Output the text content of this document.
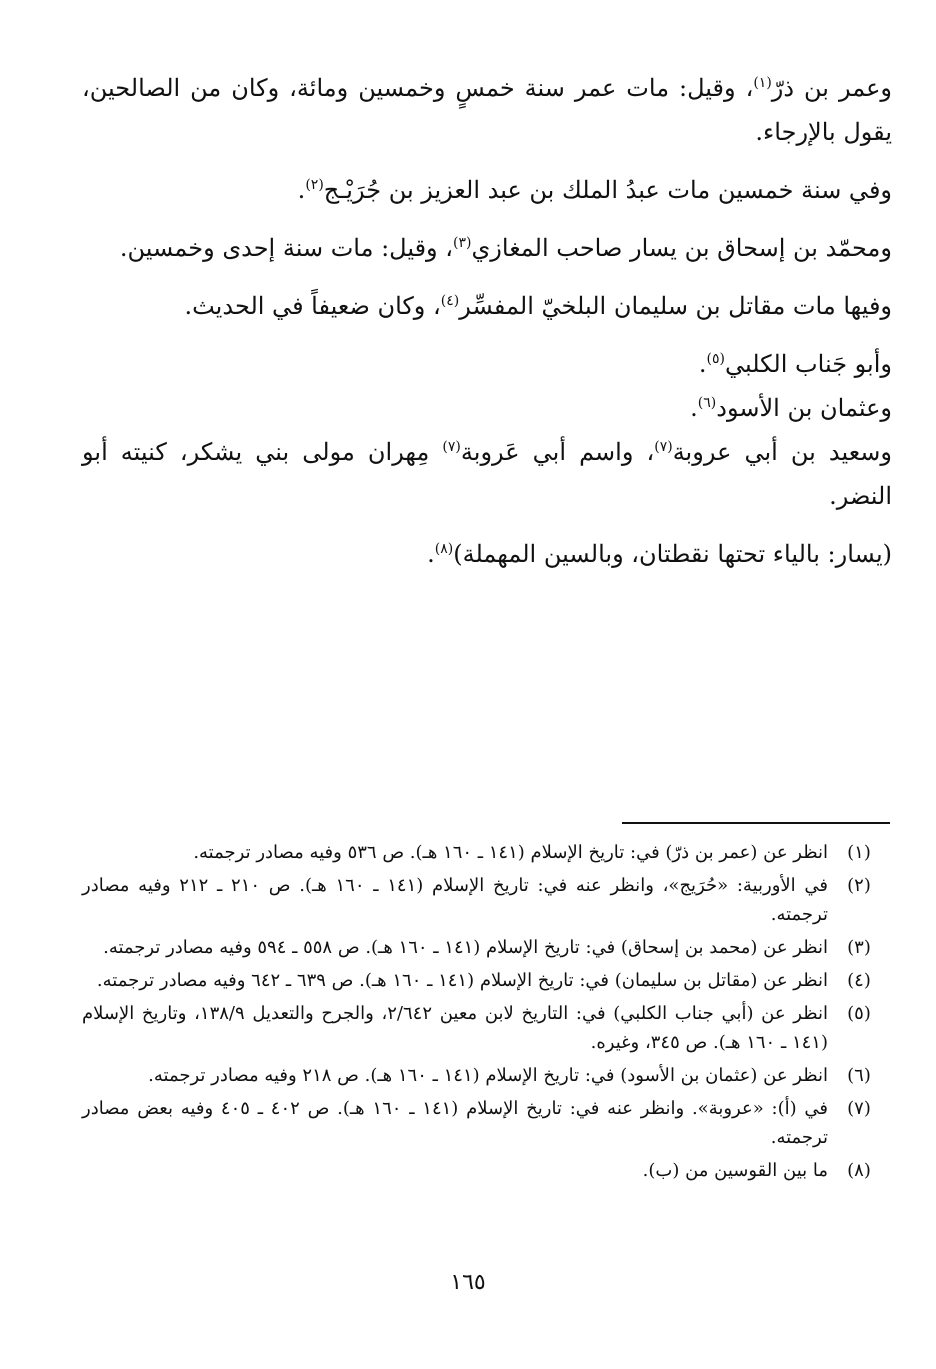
وعمر بن ذرّ$^{(١)}$، وقيل: مات عمر سنة خمسٍ وخمسين ومائة، وكان من الصالحين، يقول بالإرجاء.

وفي سنة خمسين مات عبدُ الملك بن عبد العزيز بن جُرَيْـج$^{(٢)}$.

ومحمّد بن إسحاق بن يسار صاحب المغازي$^{(٣)}$، وقيل: مات سنة إحدى وخمسين.

وفيها مات مقاتل بن سليمان البلخيّ المفسِّر$^{(٤)}$، وكان ضعيفاً في الحديث.

وأبو جَناب الكلبي$^{(٥)}$.

وعثمان بن الأسود$^{(٦)}$.

وسعيد بن أبي عروبة$^{(٧)}$، واسم أبي عَروبة$^{(٧)}$ مِهران مولى بني يشكر، كنيته أبو النضر.

(يسار: بالياء تحتها نقطتان، وبالسين المهملة)$^{(٨)}$.

(١)
انظر عن (عمر بن ذرّ) في: تاريخ الإسلام (١٤١ ـ ١٦٠ هـ). ص ٥٣٦ وفيه مصادر ترجمته.
(٢)
في الأوربية: «حُرَيج»، وانظر عنه في: تاريخ الإسلام (١٤١ ـ ١٦٠ هـ). ص ٢١٠ ـ ٢١٢ وفيه مصادر ترجمته.
(٣)
انظر عن (محمد بن إسحاق) في: تاريخ الإسلام (١٤١ ـ ١٦٠ هـ). ص ٥٥٨ ـ ٥٩٤ وفيه مصادر ترجمته.
(٤)
انظر عن (مقاتل بن سليمان) في: تاريخ الإسلام (١٤١ ـ ١٦٠ هـ). ص ٦٣٩ ـ ٦٤٢ وفيه مصادر ترجمته.
(٥)
انظر عن (أبي جناب الكلبي) في: التاريخ لابن معين ٢/٦٤٢، والجرح والتعديل ١٣٨/٩، وتاريخ الإسلام (١٤١ ـ ١٦٠ هـ). ص ٣٤٥، وغيره.
(٦)
انظر عن (عثمان بن الأسود) في: تاريخ الإسلام (١٤١ ـ ١٦٠ هـ). ص ٢١٨ وفيه مصادر ترجمته.
(٧)
في (أ): «عروبة». وانظر عنه في: تاريخ الإسلام (١٤١ ـ ١٦٠ هـ). ص ٤٠٢ ـ ٤٠٥ وفيه بعض مصادر ترجمته.
(٨)
ما بين القوسين من (ب).
١٦٥
